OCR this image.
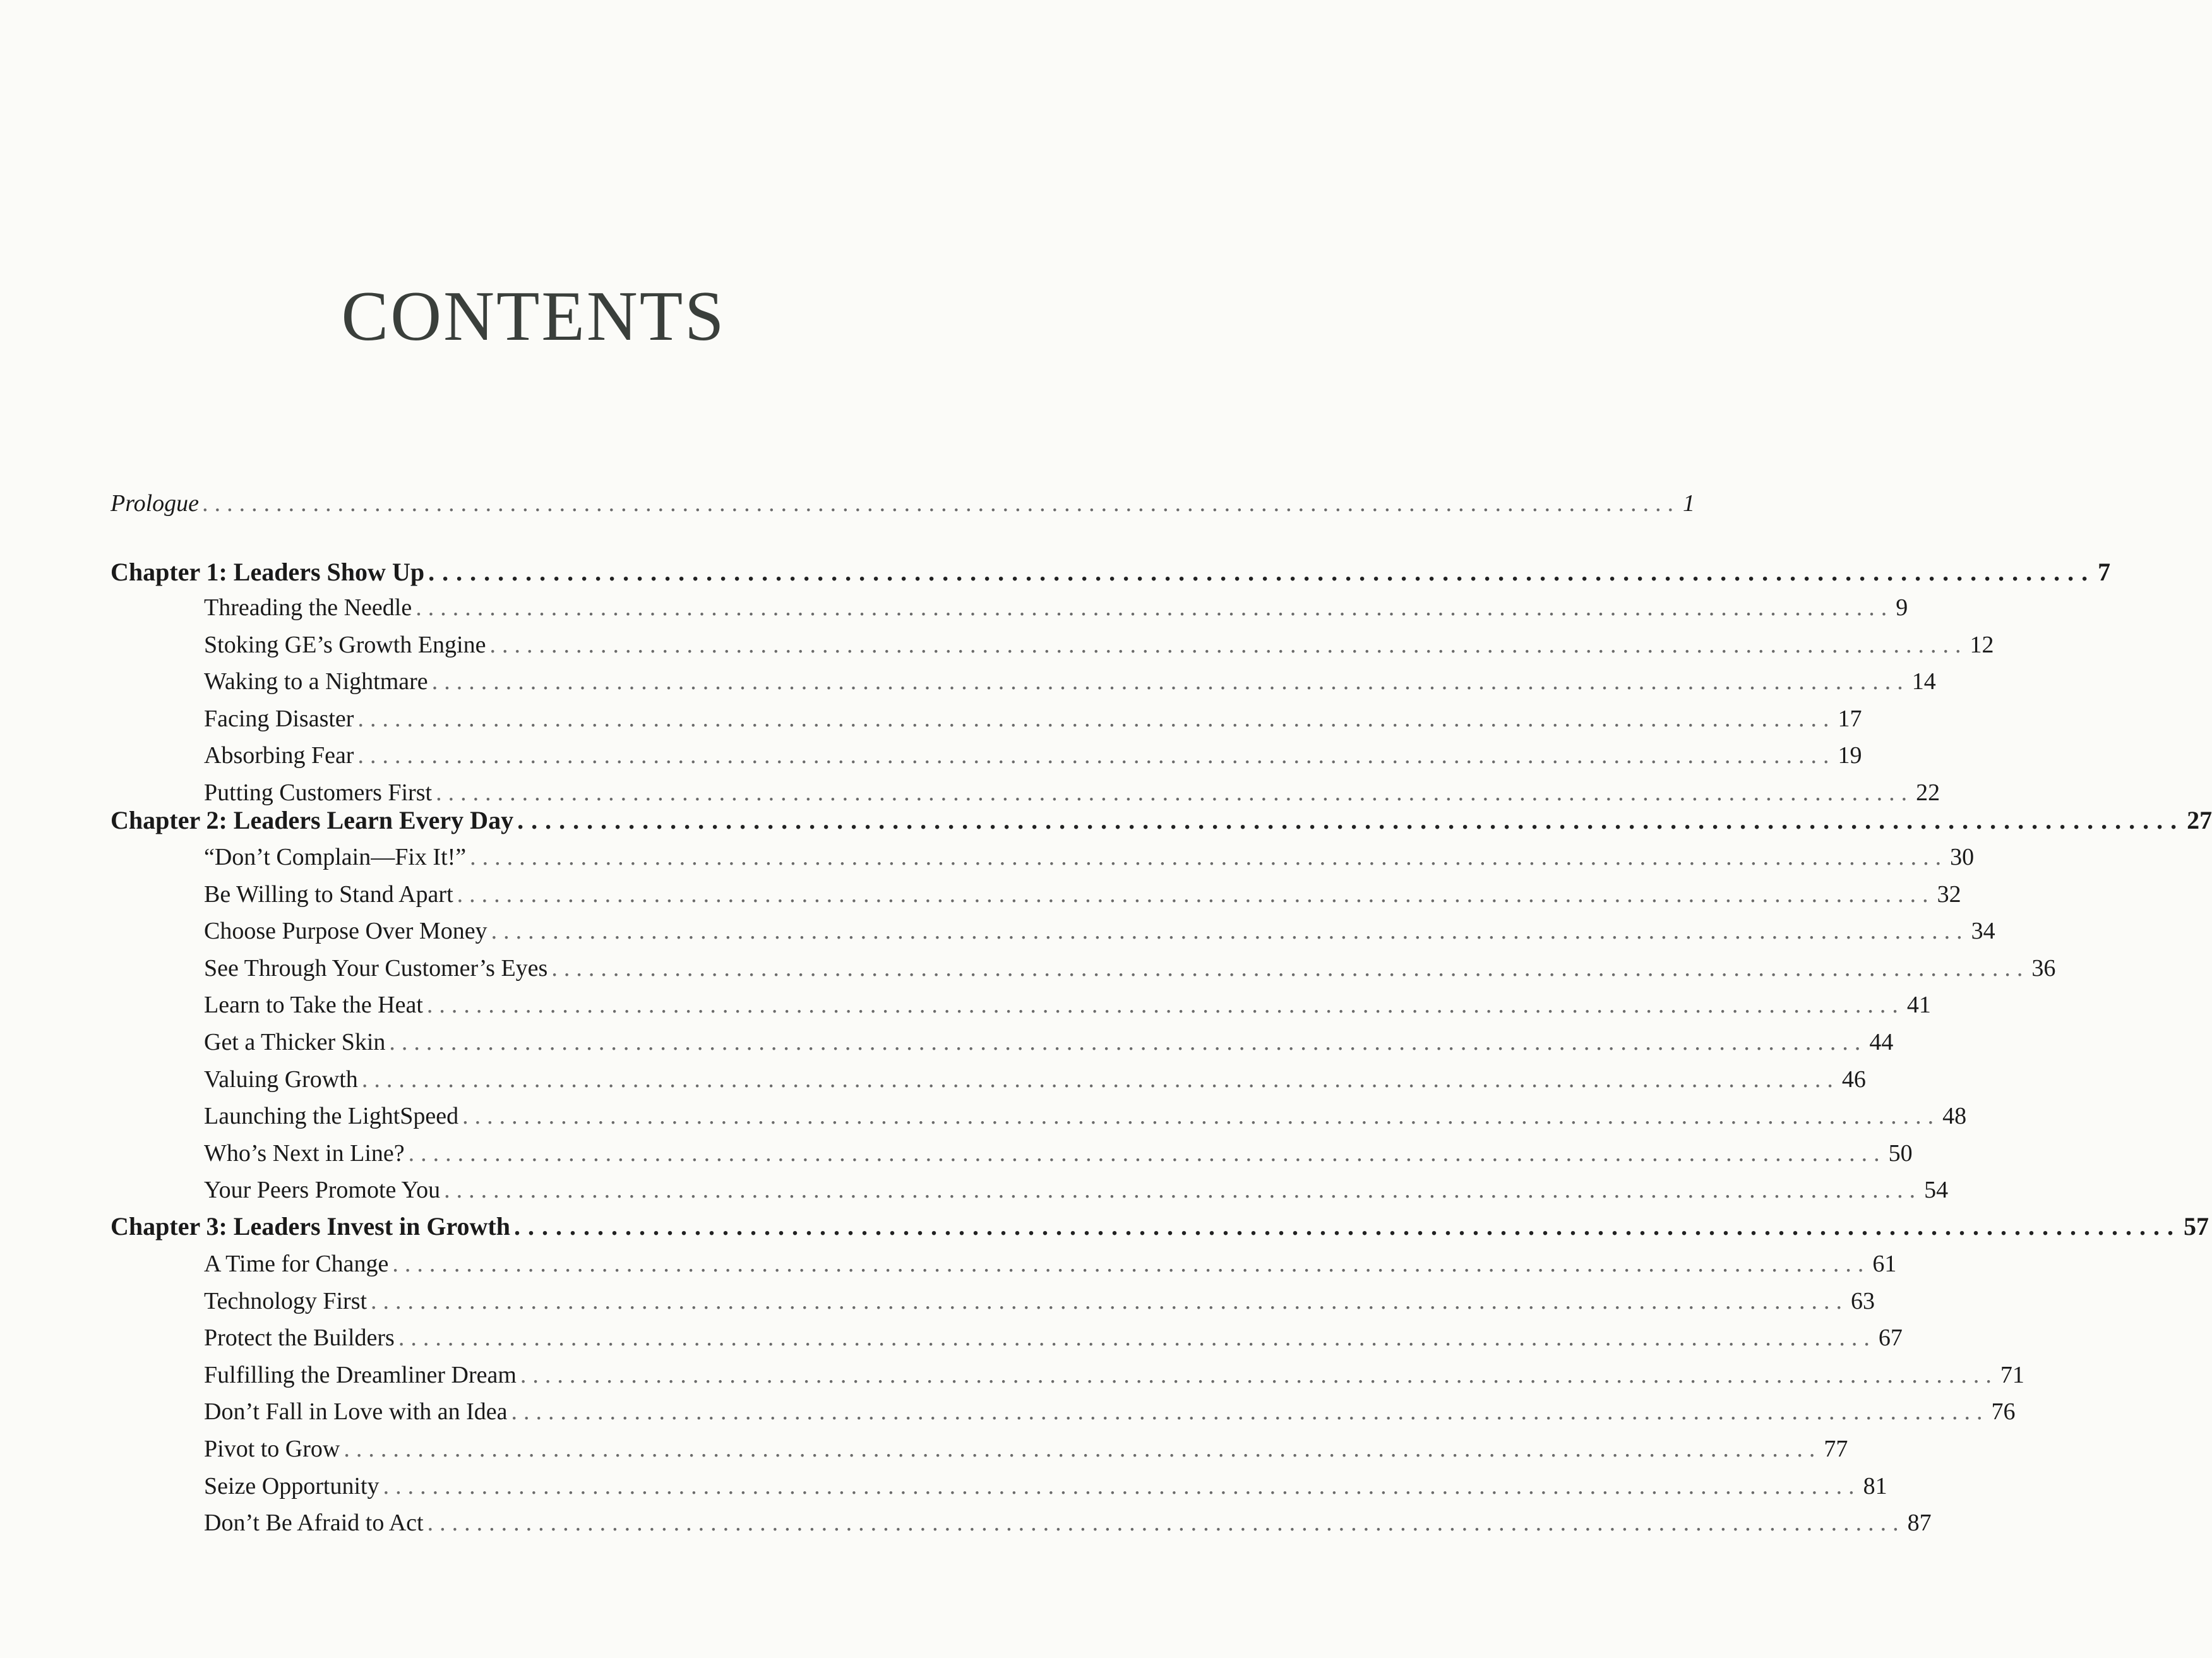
CONTENTS
Prologue ........................................................................................................................ 1
Chapter 1: Leaders Show Up ........................................................................................................................ 7
Threading the Needle ........................................................................................................................ 9
Stoking GE’s Growth Engine ........................................................................................................................ 12
Waking to a Nightmare ........................................................................................................................ 14
Facing Disaster ........................................................................................................................ 17
Absorbing Fear ........................................................................................................................ 19
Putting Customers First ........................................................................................................................ 22
Chapter 2: Leaders Learn Every Day ........................................................................................................................ 27
“Don’t Complain—Fix It!” ........................................................................................................................ 30
Be Willing to Stand Apart ........................................................................................................................ 32
Choose Purpose Over Money ........................................................................................................................ 34
See Through Your Customer’s Eyes ........................................................................................................................ 36
Learn to Take the Heat ........................................................................................................................ 41
Get a Thicker Skin ........................................................................................................................ 44
Valuing Growth ........................................................................................................................ 46
Launching the LightSpeed ........................................................................................................................ 48
Who’s Next in Line? ........................................................................................................................ 50
Your Peers Promote You ........................................................................................................................ 54
Chapter 3: Leaders Invest in Growth ........................................................................................................................ 57
A Time for Change ........................................................................................................................ 61
Technology First ........................................................................................................................ 63
Protect the Builders ........................................................................................................................ 67
Fulfilling the Dreamliner Dream ........................................................................................................................ 71
Don’t Fall in Love with an Idea ........................................................................................................................ 76
Pivot to Grow ........................................................................................................................ 77
Seize Opportunity ........................................................................................................................ 81
Don’t Be Afraid to Act ........................................................................................................................ 87
